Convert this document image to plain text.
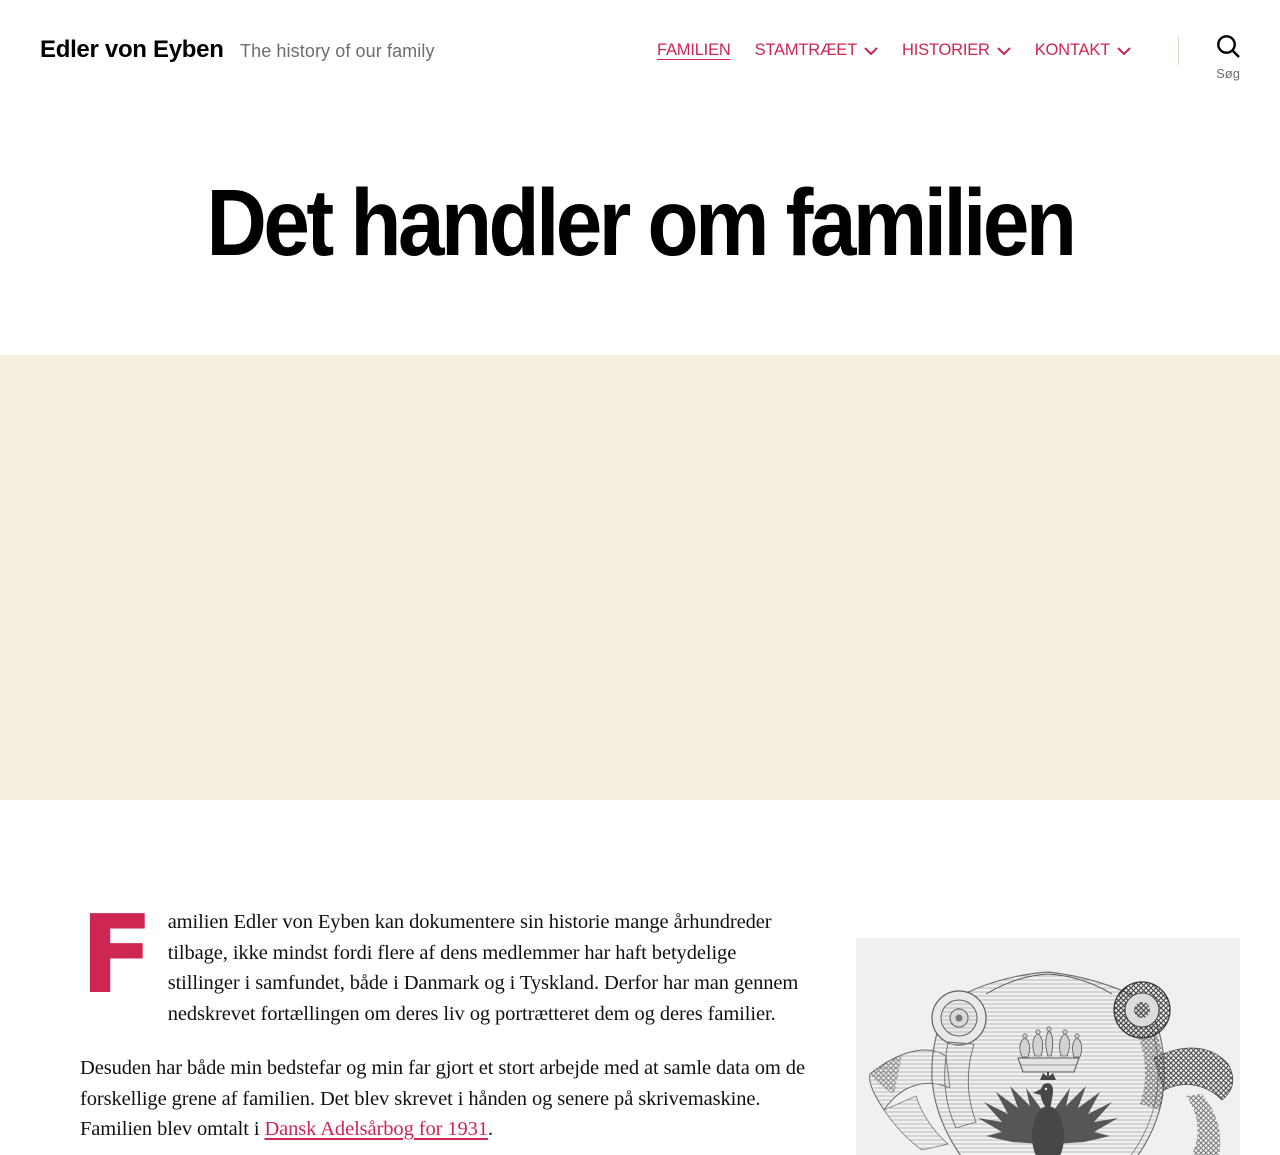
Edler von Eyben The history of our family	FAMILIEN STAMTRÆET	HISTORIER	KONTAKT
Søg
Det handler om familien

Familien Edler von Eyben kan dokumentere sin historie mange århundreder tilbage, ikke mindst fordi flere af dens medlemmer har haft betydelige stillinger i samfundet, både i Danmark og i Tyskland. Derfor har man gennem nedskrevet fortællingen om deres liv og portrætteret dem og deres familier.

Desuden har både min bedstefar og min far gjort et stort arbejde med at samle data om de forskellige grene af familien. Det blev skrevet i hånden og senere på skrivemaskine. Familien blev omtalt i Dansk Adelsårbog for 1931.
